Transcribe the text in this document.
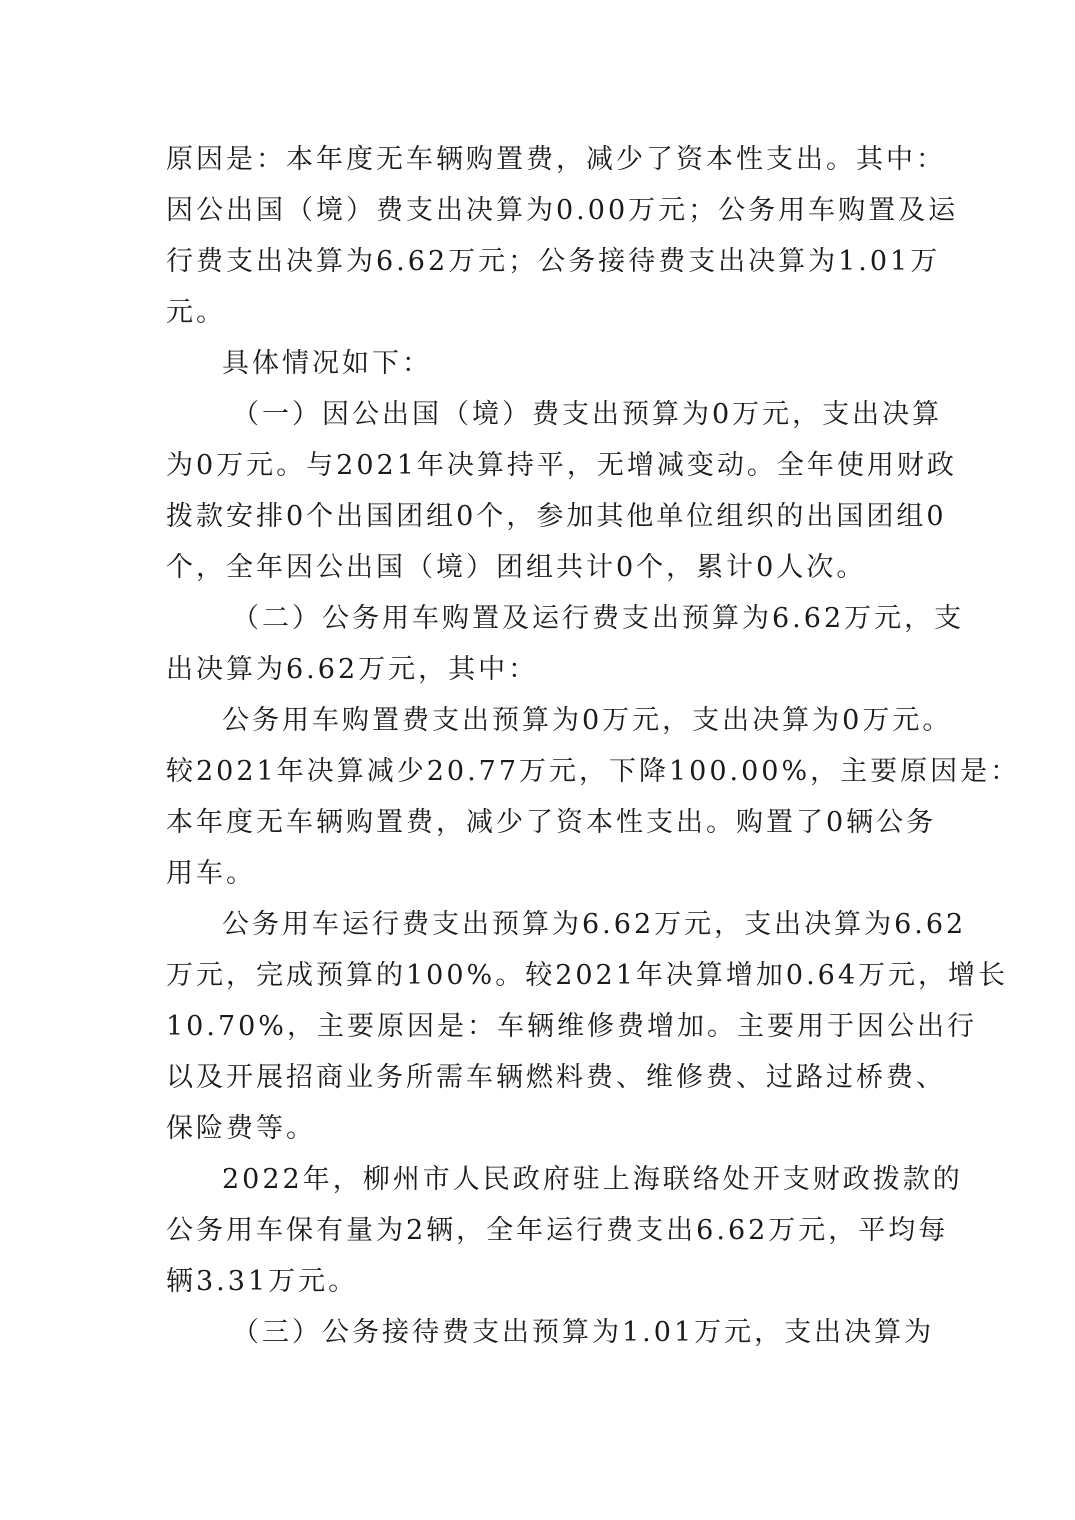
原因是：本年度无车辆购置费，减少了资本性支出。其中：
因公出国（境）费支出决算为0.00万元；公务用车购置及运
行费支出决算为6.62万元；公务接待费支出决算为1.01万
元。
具体情况如下：
（一）因公出国（境）费支出预算为0万元，支出决算
为0万元。与2021年决算持平，无增减变动。全年使用财政
拨款安排0个出国团组0个，参加其他单位组织的出国团组0
个，全年因公出国（境）团组共计0个，累计0人次。
（二）公务用车购置及运行费支出预算为6.62万元，支
出决算为6.62万元，其中：
公务用车购置费支出预算为0万元，支出决算为0万元。
较2021年决算减少20.77万元，下降100.00%，主要原因是：
本年度无车辆购置费，减少了资本性支出。购置了0辆公务
用车。
公务用车运行费支出预算为6.62万元，支出决算为6.62
万元，完成预算的100%。较2021年决算增加0.64万元，增长
10.70%，主要原因是：车辆维修费增加。主要用于因公出行
以及开展招商业务所需车辆燃料费、维修费、过路过桥费、
保险费等。
2022年，柳州市人民政府驻上海联络处开支财政拨款的
公务用车保有量为2辆，全年运行费支出6.62万元，平均每
辆3.31万元。
（三）公务接待费支出预算为1.01万元，支出决算为
